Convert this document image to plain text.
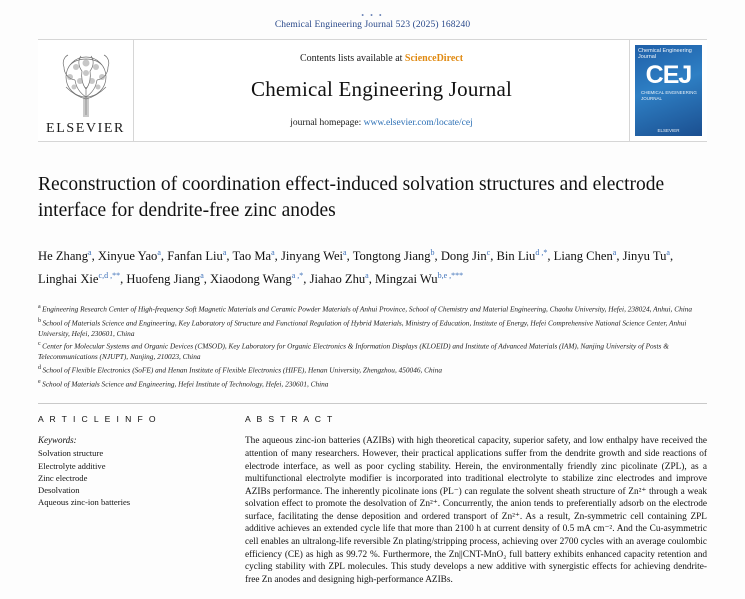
• • •
Chemical Engineering Journal 523 (2025) 168240
ELSEVIER
Contents lists available at ScienceDirect
Chemical Engineering Journal
journal homepage: www.elsevier.com/locate/cej
Chemical Engineering Journal
CEJ
CHEMICAL ENGINEERING JOURNAL
ELSEVIER
Reconstruction of coordination effect-induced solvation structures and electrode interface for dendrite-free zinc anodes
He Zhang$^a$, Xinyue Yao$^a$, Fanfan Liu$^a$, Tao Ma$^a$, Jinyang Wei$^a$, Tongtong Jiang$^b$, Dong Jin$^c$, Bin Liu$^{d ,*}$, Liang Chen$^a$, Jinyu Tu$^a$, Linghai Xie$^{c,d ,**}$, Huofeng Jiang$^a$, Xiaodong Wang$^{a ,*}$, Jiahao Zhu$^a$, Mingzai $Wu^{b,e ,***}$
$^a$ Engineering Research Center of High-frequency Soft Magnetic Materials and Ceramic Powder Materials of Anhui Province, School of Chemistry and Material Engineering, Chaohu University, Hefei, 238024, Anhui, China
$^b$ School of Materials Science and Engineering, Key Laboratory of Structure and Functional Regulation of Hybrid Materials, Ministry of Education, Institute of Energy, Hefei Comprehensive National Science Center, Anhui University, Hefei, 230601, China
$^c$ Center for Molecular Systems and Organic Devices (CMSOD), Key Laboratory for Organic Electronics & Information Displays (KLOEID) and Institute of Advanced Materials (IAM), Nanjing University of Posts & Telecommunications (NJUPT), Nanjing, 210023, China
$^d$ School of Flexible Electronics (SoFE) and Henan Institute of Flexible Electronics (HIFE), Henan University, Zhengzhou, 450046, China
$^e$ School of Materials Science and Engineering, Hefei Institute of Technology, Hefei, 230601, China
A R T I C L E I N F O
Keywords:
Solvation structure
Electrolyte additive
Zinc electrode
Desolvation
Aqueous zinc-ion batteries
A B S T R A C T
The aqueous zinc-ion batteries (AZIBs) with high theoretical capacity, superior safety, and low enthalpy have received the attention of many researchers. However, their practical applications suffer from the dendrite growth and side reactions of electrode interface, as well as poor cycling stability. Herein, the environmentally friendly zinc picolinate (ZPL), as a multifunctional electrolyte modifier is incorporated into traditional electrolyte to stabilize zinc electrodes and improve AZIBs performance. The inherently picolinate ions (PL⁻) can regulate the solvent sheath structure of Zn²⁺ through a weak solvation effect to promote the desolvation of Zn²⁺. Concurrently, the anion tends to preferentially adsorb on the electrode surface, facilitating the dense deposition and ordered transport of Zn²⁺. As a result, Zn-symmetric cell containing ZPL additive achieves an extended cycle life that more than 2100 h at current density of 0.5 mA cm⁻². And the Cu-asymmetric cell enables an ultralong-life reversible Zn plating/stripping process, achieving over 2700 cycles with an average coulombic efficiency (CE) as high as 99.72 %. Furthermore, the Zn||CNT-MnO₂ full battery exhibits enhanced capacity retention and cycling stability with ZPL molecules. This study develops a new additive with synergistic effects for achieving dendrite-free Zn anodes and designing high-performance AZIBs.
